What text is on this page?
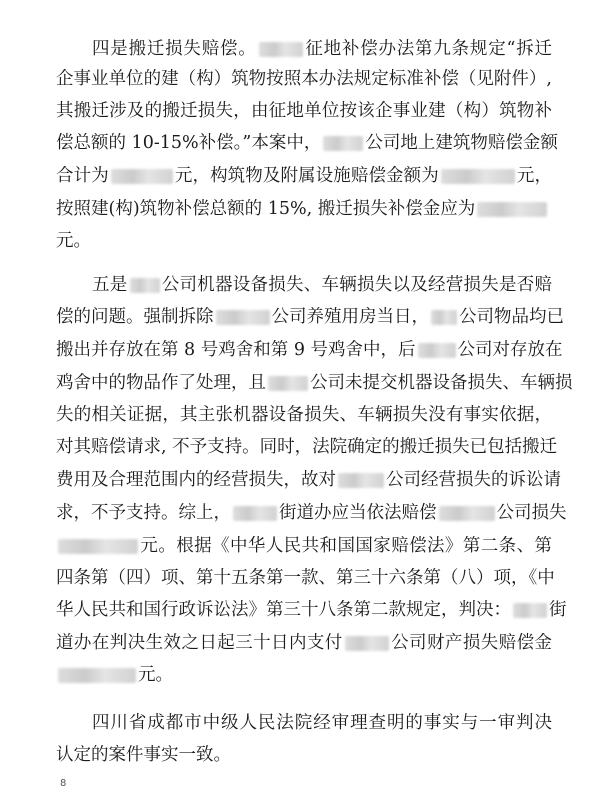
四是搬迁损失赔偿。	征地补偿办法第九条规定“拆迁
企事业单位的建（构）筑物按照本办法规定标准补偿（见附件）,
其搬迁涉及的搬迁损失，由征地单位按该企事业建（构）筑物补
偿总额的 10-15%补偿。”本案中，	公司地上建筑物赔偿金额
合计为	元，构筑物及附属设施赔偿金额为	元，
按照建(构)筑物补偿总额的 15%, 搬迁损失补偿金应为
元。
五是 公司机器设备损失、车辆损失以及经营损失是否赔
偿的问题。强制拆除	公司养殖用房当日， 公司物品均已
搬出并存放在第 8 号鸡舍和第 9 号鸡舍中，后 公司对存放在
鸡舍中的物品作了处理，且	公司未提交机器设备损失、车辆损
失的相关证据，其主张机器设备损失、车辆损失没有事实依据，
对其赔偿请求, 不予支持。同时，法院确定的搬迁损失已包括搬迁
费用及合理范围内的经营损失，故对	公司经营损失的诉讼请
求，不予支持。综上，	街道办应当依法赔偿	公司损失
元。根据《中华人民共和国国家赔偿法》第二条、第
四条第（四）项、第十五条第一款、第三十六条第（八）项，《中
华人民共和国行政诉讼法》第三十八条第二款规定，判决： 街
道办在判决生效之日起三十日内支付	公司财产损失赔偿金
元。
四川省成都市中级人民法院经审理查明的事实与一审判决
认定的案件事实一致。
8
